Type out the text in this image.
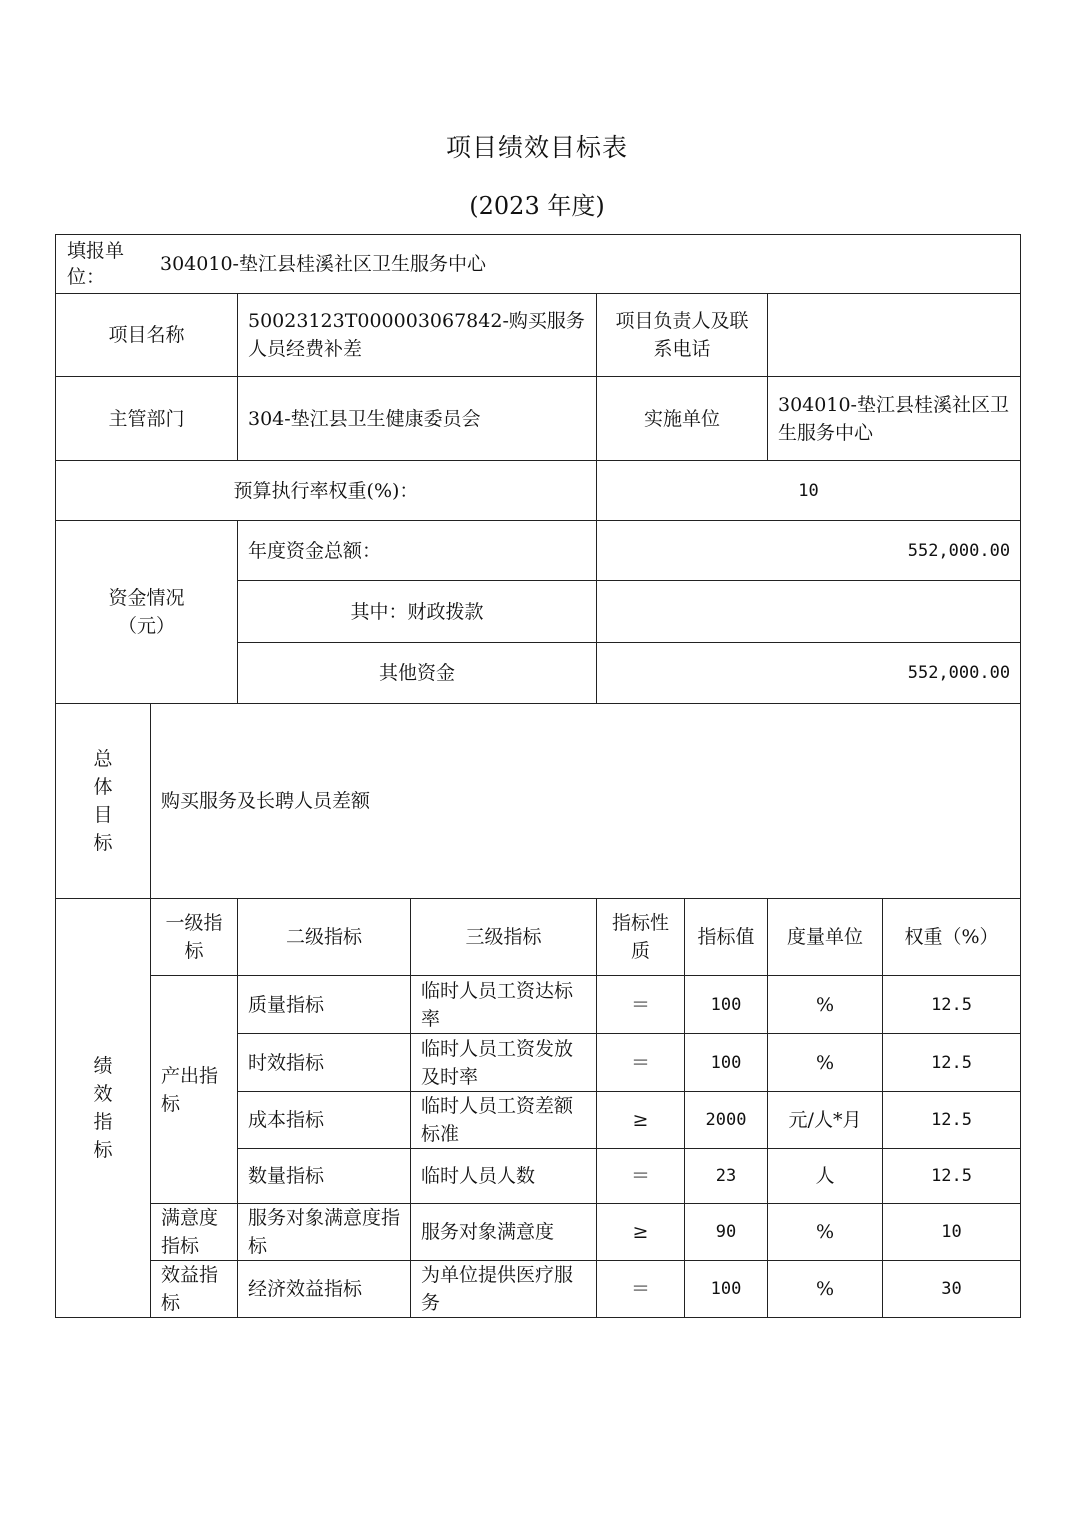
项目绩效目标表
(2023 年度)
填报单位：
304010-垫江县桂溪社区卫生服务中心							

项目名称		50023123T000003067842-购买服务人员经费补差		项目负责人及联系电话			
主管部门		304-垫江县卫生健康委员会		实施单位		304010-垫江县桂溪社区卫生服务中心	
预算执行率权重(%)：				10			

资金情况（元）		年度资金总额：		552,000.00			
		其中：财政拨款					
		其他资金		552,000.00			

总体目标	购买服务及长聘人员差额						

绩效指标	一级指标	二级指标	三级指标	指标性质	指标值	度量单位	权重（%）
	产出指标	质量指标	临时人员工资达标率	＝	100	%	12.5
		时效指标	临时人员工资发放及时率	＝	100	%	12.5
		成本指标	临时人员工资差额标准	≥	2000	元/人*月	12.5
		数量指标	临时人员人数	＝	23	人	12.5
	满意度指标	服务对象满意度指标	服务对象满意度	≥	90	%	10
	效益指标	经济效益指标	为单位提供医疗服务	＝	100	%	30
